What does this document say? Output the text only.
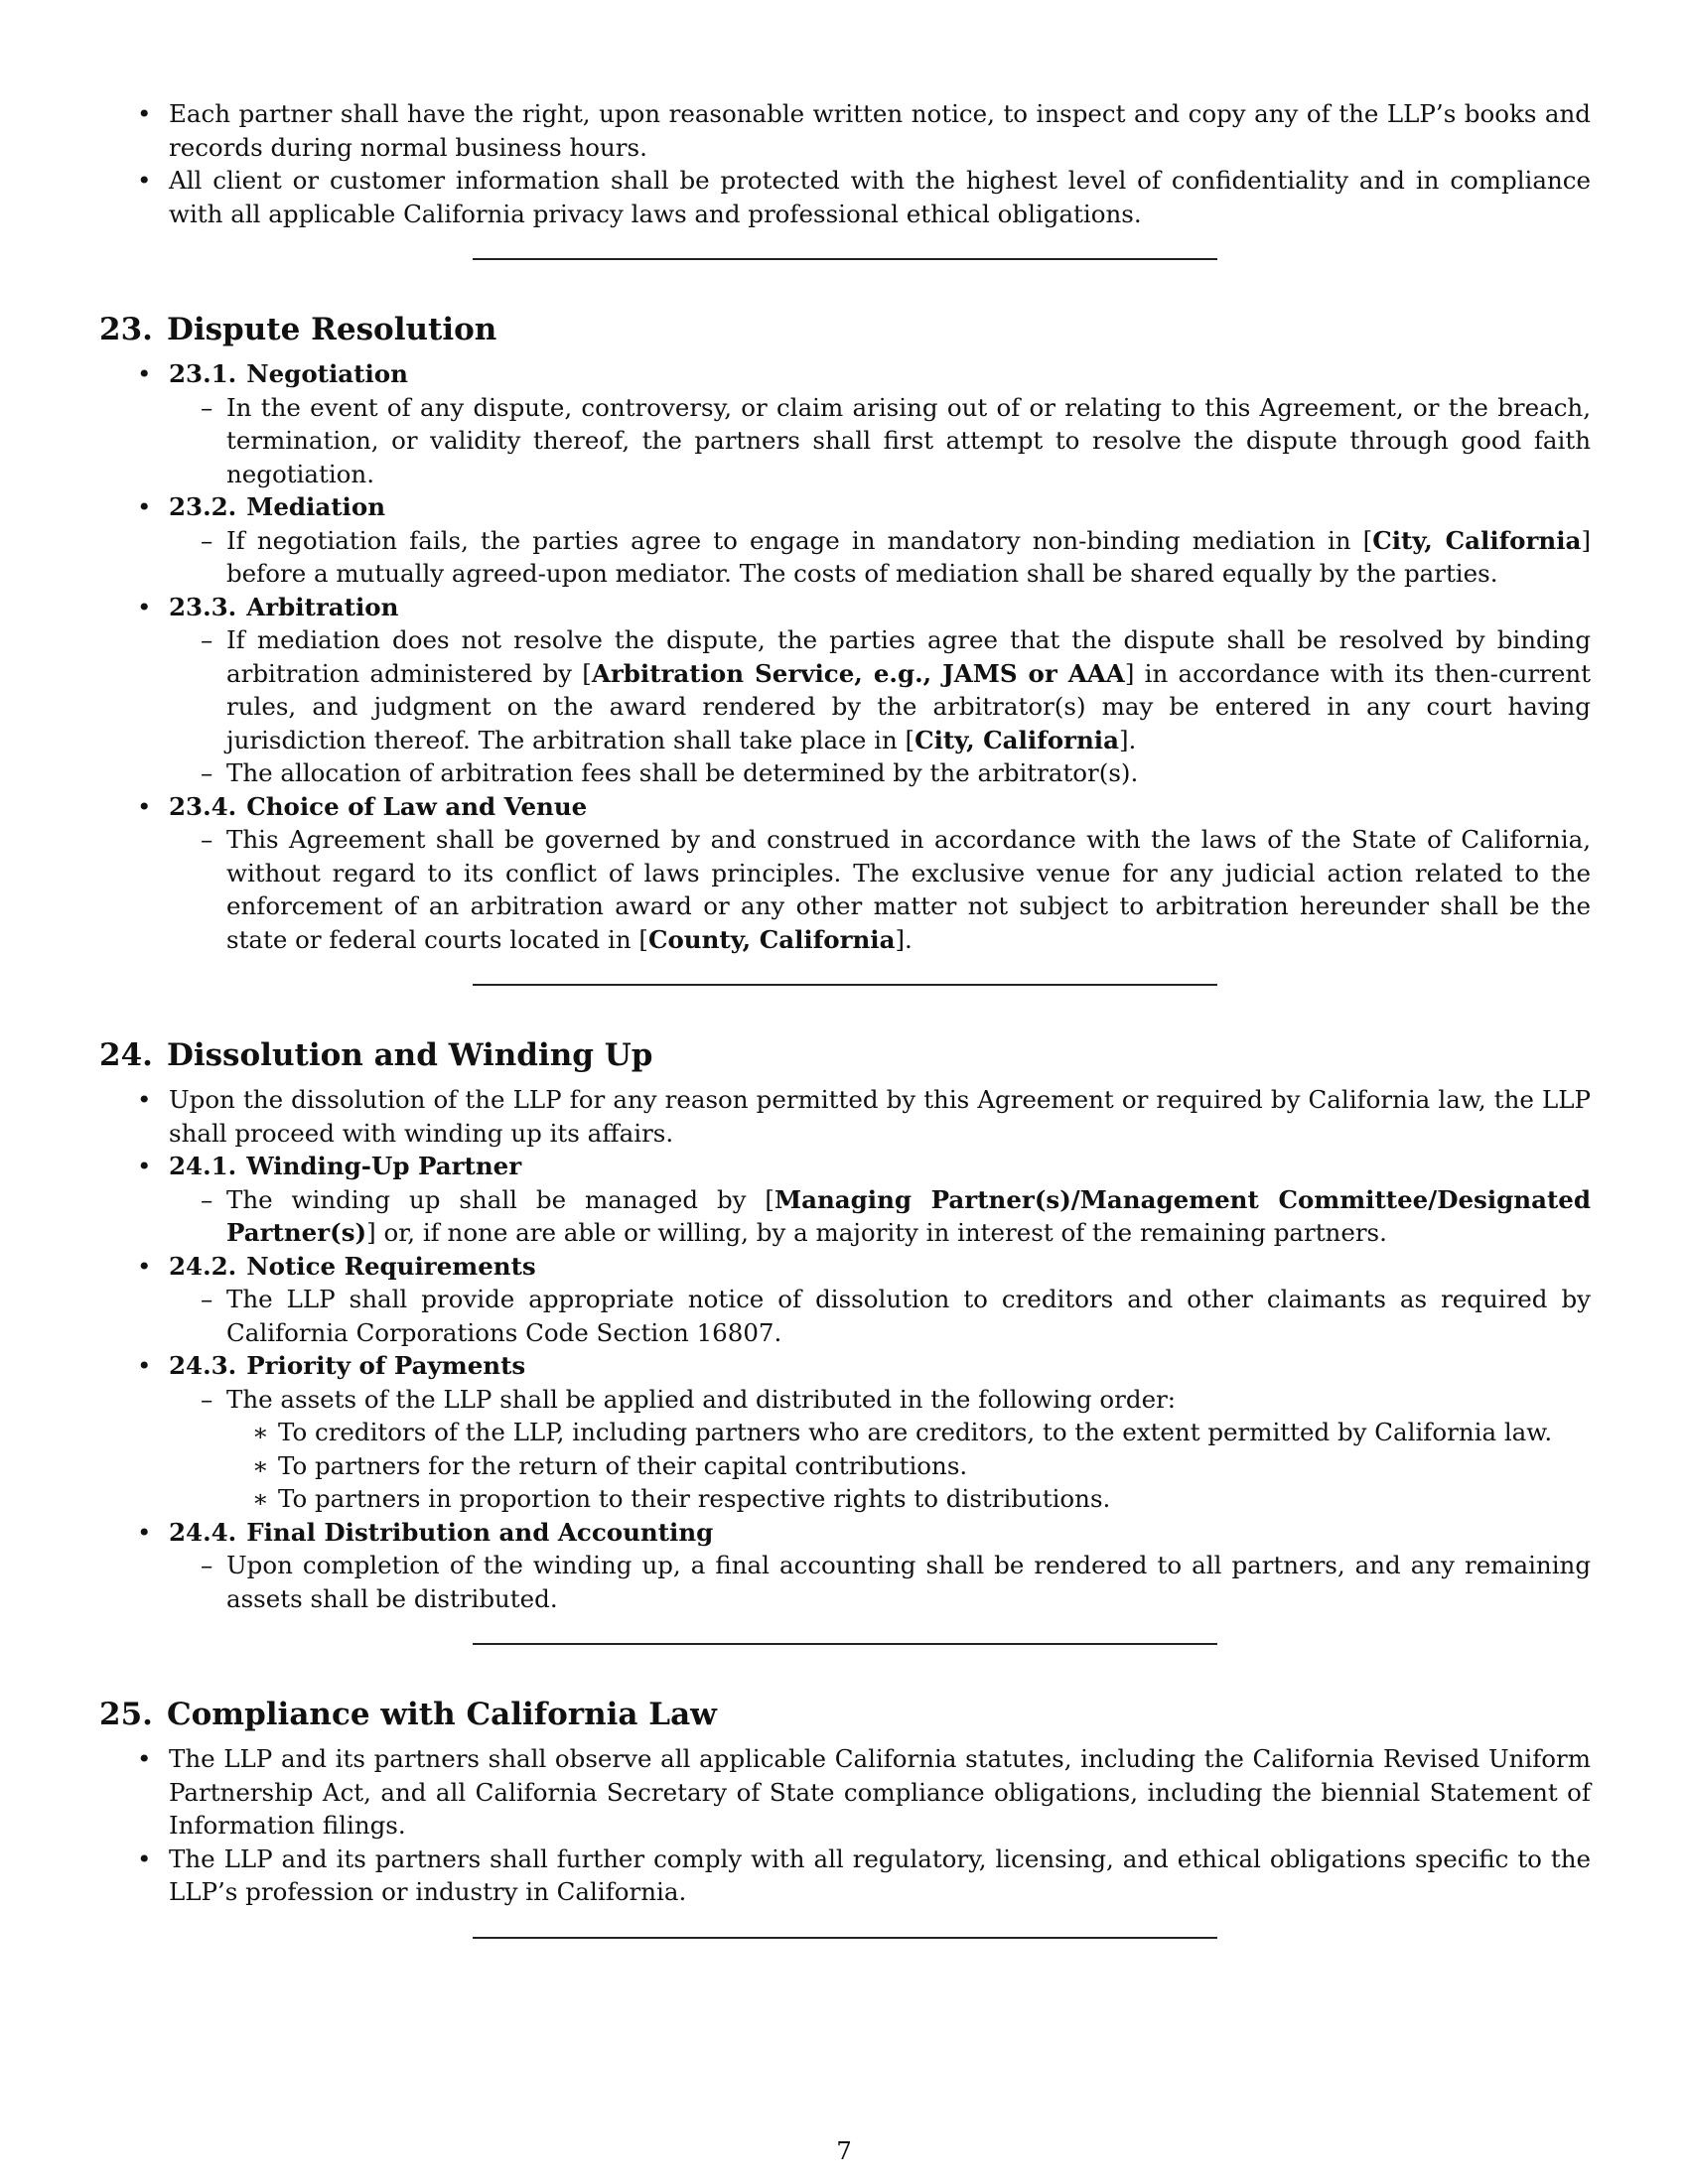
• Each partner shall have the right, upon reasonable written notice, to inspect and copy any of the LLP’s books and records during normal business hours.
• All client or customer information shall be protected with the highest level of confidentiality and in compliance with all applicable California privacy laws and professional ethical obligations.
23. Dispute Resolution
• 23.1. Negotiation
– In the event of any dispute, controversy, or claim arising out of or relating to this Agreement, or the breach, termination, or validity thereof, the partners shall first attempt to resolve the dispute through good faith negotiation.
• 23.2. Mediation
– If negotiation fails, the parties agree to engage in mandatory non-binding mediation in [City, California] before a mutually agreed-upon mediator. The costs of mediation shall be shared equally by the parties.
• 23.3. Arbitration
– If mediation does not resolve the dispute, the parties agree that the dispute shall be resolved by binding arbitration administered by [Arbitration Service, e.g., JAMS or AAA] in accordance with its then-current rules, and judgment on the award rendered by the arbitrator(s) may be entered in any court having jurisdiction thereof. The arbitration shall take place in [City, California].
– The allocation of arbitration fees shall be determined by the arbitrator(s).
• 23.4. Choice of Law and Venue
– This Agreement shall be governed by and construed in accordance with the laws of the State of California, without regard to its conflict of laws principles. The exclusive venue for any judicial action related to the enforcement of an arbitration award or any other matter not subject to arbitration hereunder shall be the state or federal courts located in [County, California].
24. Dissolution and Winding Up
• Upon the dissolution of the LLP for any reason permitted by this Agreement or required by California law, the LLP shall proceed with winding up its affairs.
• 24.1. Winding-Up Partner
– The winding up shall be managed by [Managing Partner(s)/Management Committee/Designated Partner(s)] or, if none are able or willing, by a majority in interest of the remaining partners.
• 24.2. Notice Requirements
– The LLP shall provide appropriate notice of dissolution to creditors and other claimants as required by California Corporations Code Section 16807.
• 24.3. Priority of Payments
– The assets of the LLP shall be applied and distributed in the following order:
∗ To creditors of the LLP, including partners who are creditors, to the extent permitted by California law.
∗ To partners for the return of their capital contributions.
∗ To partners in proportion to their respective rights to distributions.
• 24.4. Final Distribution and Accounting
– Upon completion of the winding up, a final accounting shall be rendered to all partners, and any remaining assets shall be distributed.
25. Compliance with California Law
• The LLP and its partners shall observe all applicable California statutes, including the California Revised Uniform Partnership Act, and all California Secretary of State compliance obligations, including the biennial Statement of Information filings.
• The LLP and its partners shall further comply with all regulatory, licensing, and ethical obligations specific to the LLP’s profession or industry in California.
7
